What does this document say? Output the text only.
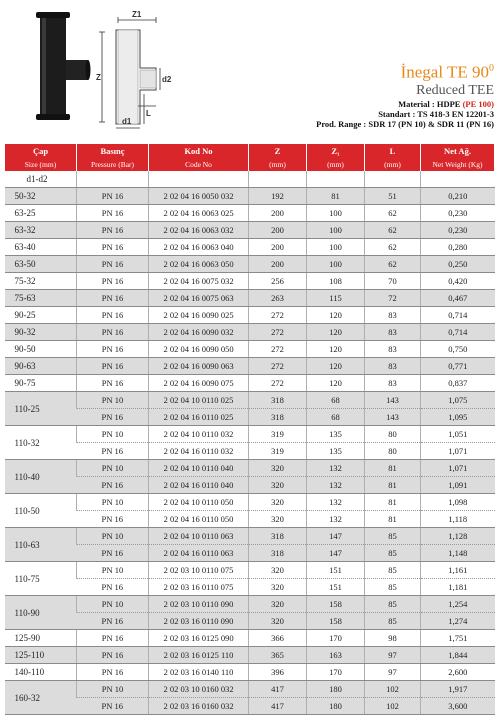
Z1
Z	d2
L
d1
İnegal TE $90^0$
Reduced TEE
Material : HDPE (PE 100)
Standart : TS 418-3 EN 12201-3
Prod. Range : SDR 17 (PN 10) & SDR 11 (PN 16)
Çap	Basınç	Kod No	Z	Z₁	L	Net Ağ.
Size (mm)	Pressure (Bar)	Code No	(mm)	(mm)	(mm)	Net Weight (Kg)
d1-d2						
50-32	PN 16	2 02 04 16 0050 032	192	81	51	0,210
63-25	PN 16	2 02 04 16 0063 025	200	100	62	0,230
63-32	PN 16	2 02 04 16 0063 032	200	100	62	0,230
63-40	PN 16	2 02 04 16 0063 040	200	100	62	0,280
63-50	PN 16	2 02 04 16 0063 050	200	100	62	0,250
75-32	PN 16	2 02 04 16 0075 032	256	108	70	0,420
75-63	PN 16	2 02 04 16 0075 063	263	115	72	0,467
90-25	PN 16	2 02 04 16 0090 025	272	120	83	0,714
90-32	PN 16	2 02 04 16 0090 032	272	120	83	0,714
90-50	PN 16	2 02 04 16 0090 050	272	120	83	0,750
90-63	PN 16	2 02 04 16 0090 063	272	120	83	0,771
90-75	PN 16	2 02 04 16 0090 075	272	120	83	0,837
110-25	PN 10	2 02 04 10 0110 025	318	68	143	1,075
	PN 16	2 02 04 16 0110 025	318	68	143	1,095
110-32	PN 10	2 02 04 10 0110 032	319	135	80	1,051
	PN 16	2 02 04 16 0110 032	319	135	80	1,071
110-40	PN 10	2 02 04 10 0110 040	320	132	81	1,071
	PN 16	2 02 04 16 0110 040	320	132	81	1,091
110-50	PN 10	2 02 04 10 0110 050	320	132	81	1,098
	PN 16	2 02 04 16 0110 050	320	132	81	1,118
110-63	PN 10	2 02 04 10 0110 063	318	147	85	1,128
	PN 16	2 02 04 16 0110 063	318	147	85	1,148
110-75	PN 10	2 02 03 10 0110 075	320	151	85	1,161
	PN 16	2 02 03 16 0110 075	320	151	85	1,181
110-90	PN 10	2 02 03 10 0110 090	320	158	85	1,254
	PN 16	2 02 03 16 0110 090	320	158	85	1,274
125-90	PN 16	2 02 03 16 0125 090	366	170	98	1,751
125-110	PN 16	2 02 03 16 0125 110	365	163	97	1,844
140-110	PN 16	2 02 03 16 0140 110	396	170	97	2,600
160-32	PN 10	2 02 03 10 0160 032	417	180	102	1,917
	PN 16	2 02 03 16 0160 032	417	180	102	3,600
